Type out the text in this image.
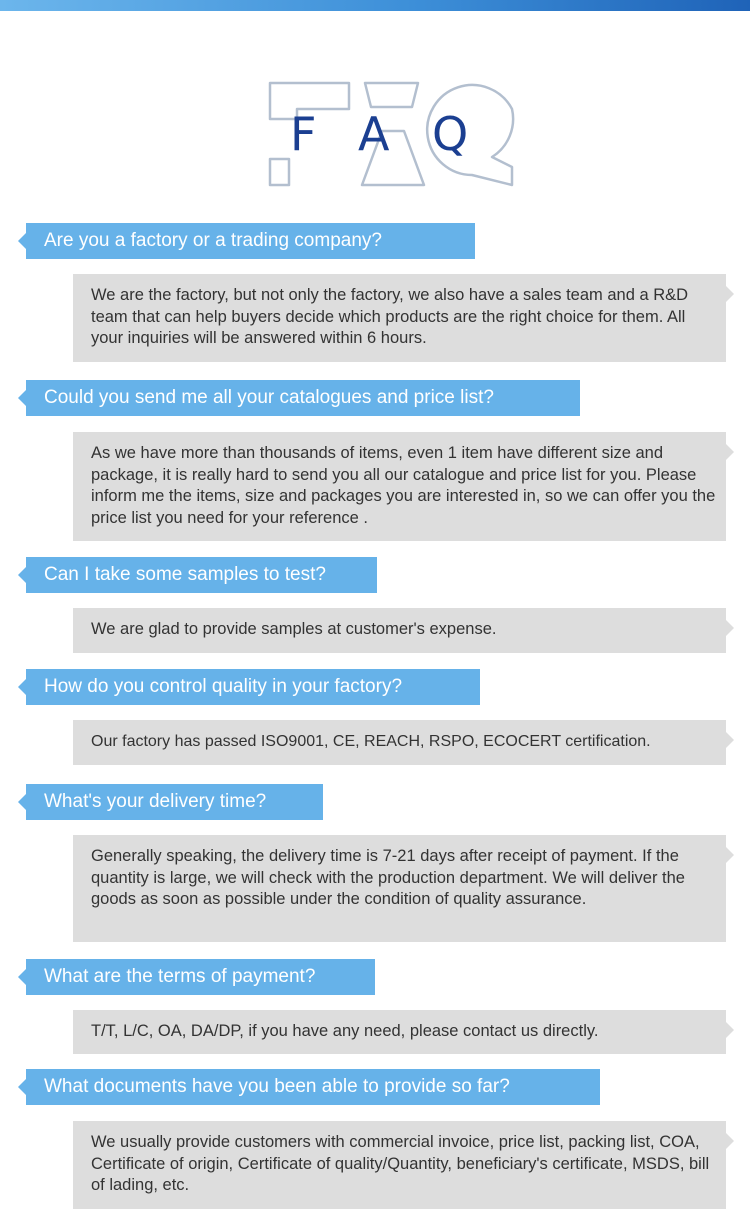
F A Q
Are you a factory or a trading company?
We are the factory, but not only the factory, we also have a sales team and a R&D team that can help buyers decide which products are the right choice for them. All your inquiries will be answered within 6 hours.
Could you send me all your catalogues and price list?
As we have more than thousands of items, even 1 item have different size and package, it is really hard to send you all our catalogue and price list for you. Please inform me the items, size and packages you are interested in, so we can offer you the price list you need for your reference .
Can I take some samples to test?
We are glad to provide samples at customer's expense.
How do you control quality in your factory?
Our factory has passed ISO9001, CE, REACH, RSPO, ECOCERT certification.
What's your delivery time?
Generally speaking, the delivery time is 7-21 days after receipt of payment. If the quantity is large, we will check with the production department. We will deliver the goods as soon as possible under the condition of quality assurance.
What are the terms of payment?
T/T, L/C, OA, DA/DP, if you have any need, please contact us directly.
What documents have you been able to provide so far?
We usually provide customers with commercial invoice, price list, packing list, COA, Certificate of origin, Certificate of quality/Quantity, beneficiary's certificate, MSDS, bill of lading, etc.
